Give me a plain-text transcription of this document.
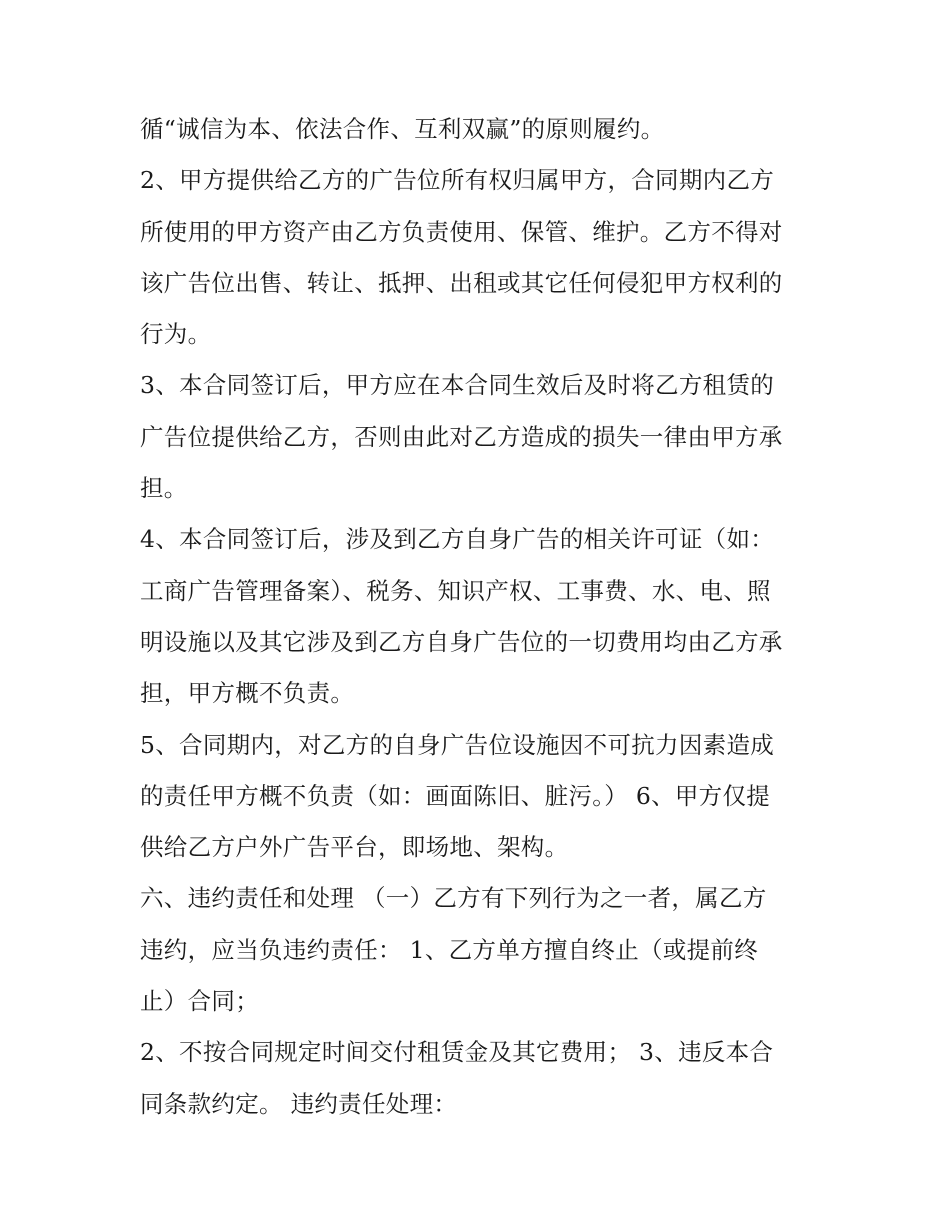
循“诚信为本、依法合作、互利双赢”的原则履约。
2、甲方提供给乙方的广告位所有权归属甲方，合同期内乙方
所使用的甲方资产由乙方负责使用、保管、维护。乙方不得对
该广告位出售、转让、抵押、出租或其它任何侵犯甲方权利的
行为。
3、本合同签订后，甲方应在本合同生效后及时将乙方租赁的
广告位提供给乙方，否则由此对乙方造成的损失一律由甲方承
担。
4、本合同签订后，涉及到乙方自身广告的相关许可证（如：
工商广告管理备案）、税务、知识产权、工事费、水、电、照
明设施以及其它涉及到乙方自身广告位的一切费用均由乙方承
担，甲方概不负责。
5、合同期内，对乙方的自身广告位设施因不可抗力因素造成
的责任甲方概不负责（如：画面陈旧、脏污。） 6、甲方仅提
供给乙方户外广告平台，即场地、架构。
六、违约责任和处理 （一）乙方有下列行为之一者，属乙方
违约，应当负违约责任： 1、乙方单方擅自终止（或提前终
止）合同；
2、不按合同规定时间交付租赁金及其它费用； 3、违反本合
同条款约定。 违约责任处理：
